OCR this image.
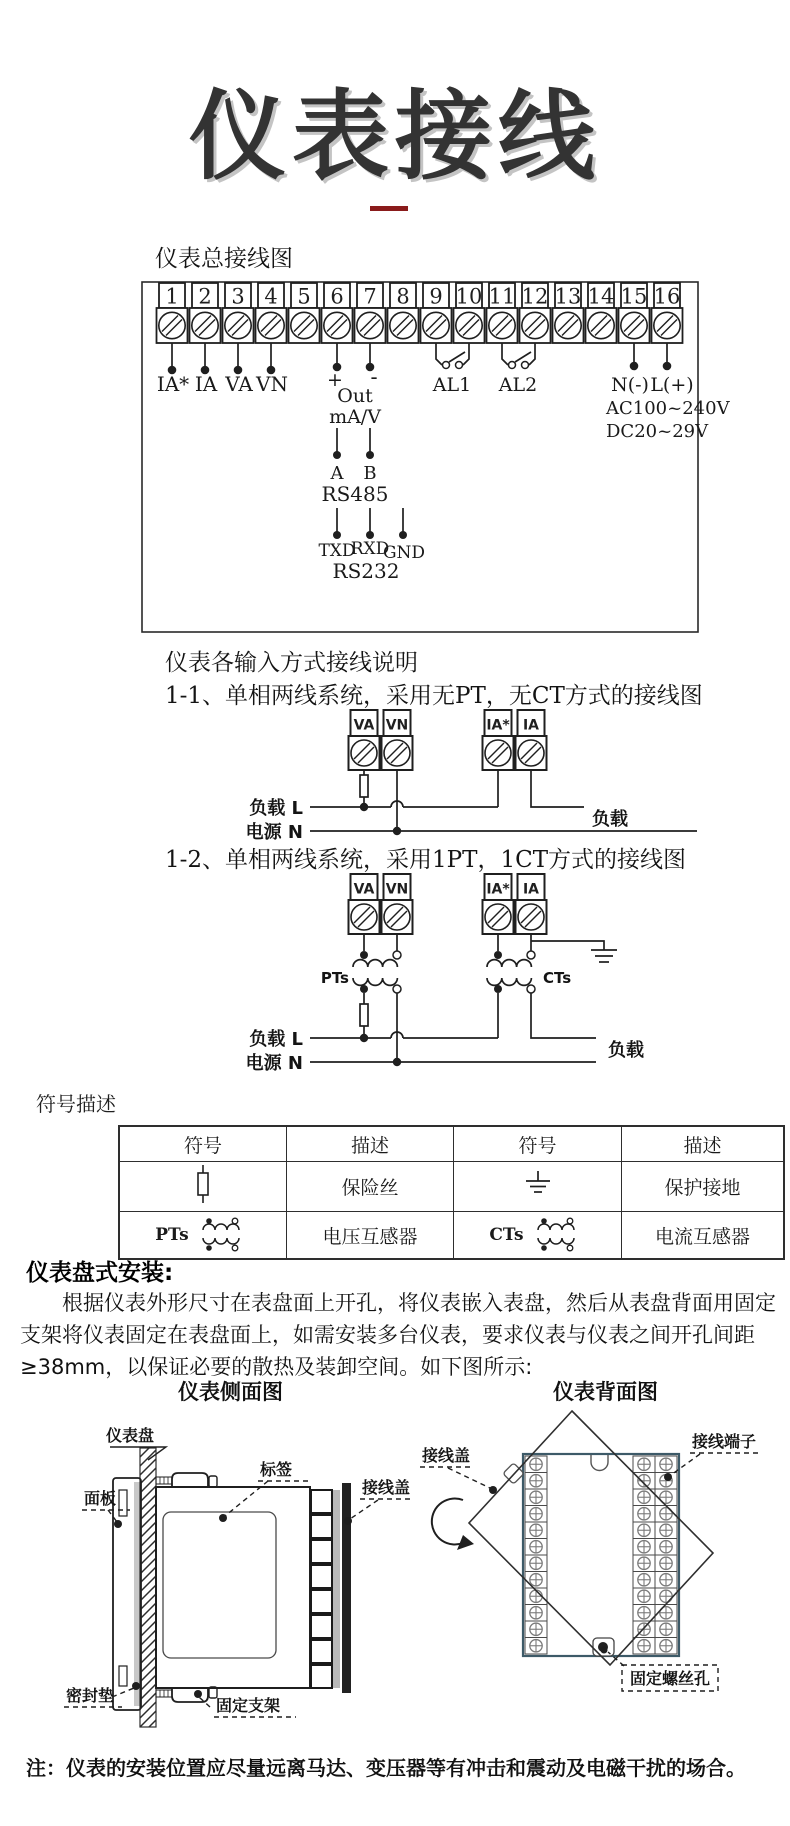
仪表接线
仪表总接线图
1 2 3 4 5 6 7 8 9 10 11 12 13 14 15 16
IA* IA VA VN + -
Out
mA/V
AL1 AL2	N(-) L(+)
AC100~240V
DC20~29V
A B
RS485
TXD
RXD
GND
RS232
仪表各输入方式接线说明
1-1、单相两线系统，采用无PT，无CT方式的接线图
VA VN	IA* IA
负载 L
电源 N
负载
1-2、单相两线系统，采用1PT，1CT方式的接线图
VA VN	IA* IA
PTs	CTs
负载 L
电源 N
负载
符号描述
符号	描述	符号	描述
	保险丝		保护接地

PTs	电压互感器	CTs	电流互感器
仪表盘式安装:
根据仪表外形尺寸在表盘面上开孔，将仪表嵌入表盘，然后从表盘背面用固定支架将仪表固定在表盘面上，如需安装多台仪表，要求仪表与仪表之间开孔间距≥38mm，以保证必要的散热及装卸空间。如下图所示:
仪表侧面图	仪表背面图
仪表盘
面板
标签
接线盖
密封垫
固定支架
接线盖
接线端子
固定螺丝孔
注：仪表的安装位置应尽量远离马达、变压器等有冲击和震动及电磁干扰的场合。
